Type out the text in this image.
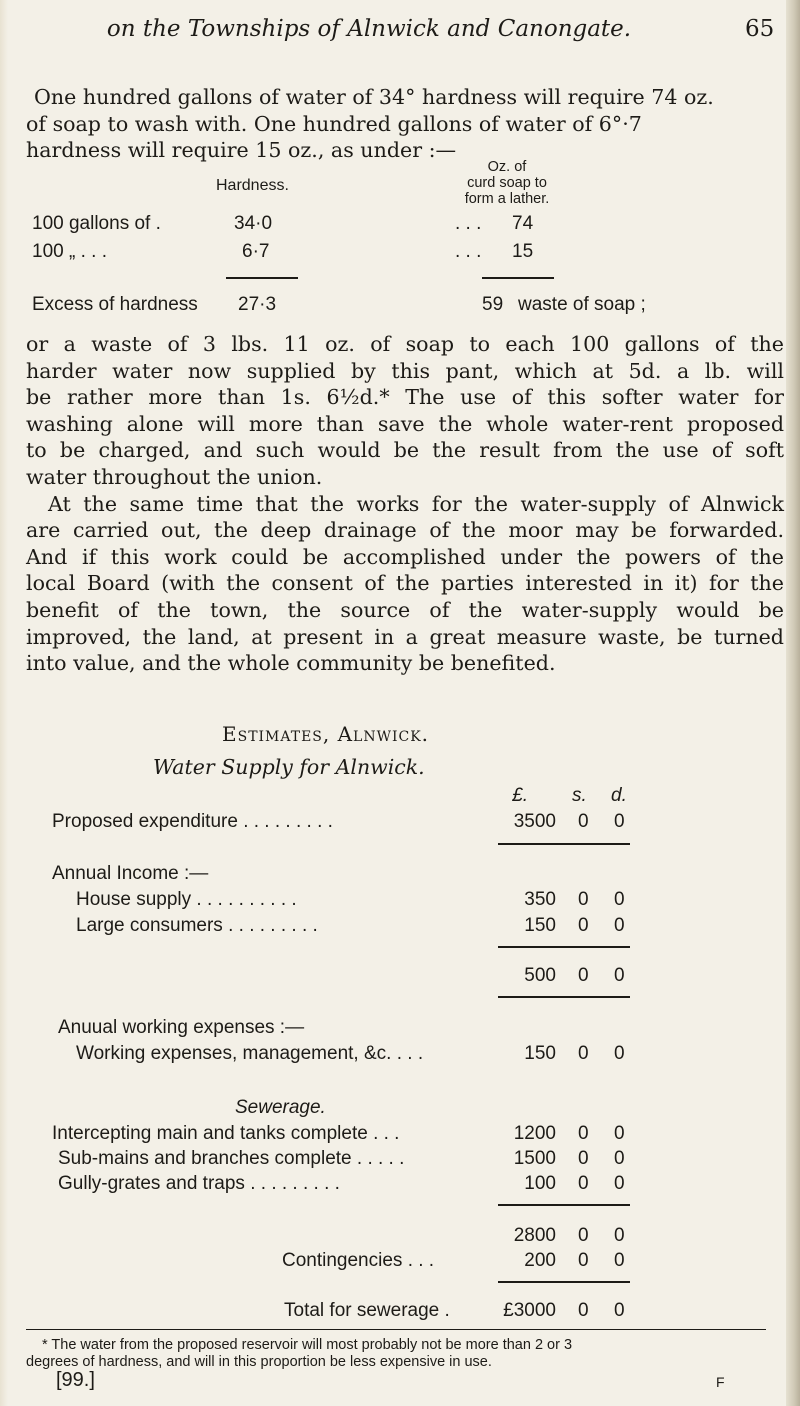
on the Townships of Alnwick and Canongate.	65
One hundred gallons of water of 34° hardness will require 74 oz.
of soap to wash with. One hundred gallons of water of 6°·7
hardness will require 15 oz., as under :—
Oz. of
curd soap to
form a lather.
Hardness.
100 gallons of .	34·0	. . . 74
100 „ . . .	6·7	. . . 15
Excess of hardness 27·3	59 waste of soap ;
or a waste of 3 lbs. 11 oz. of soap to each 100 gallons of the
harder water now supplied by this pant, which at 5d. a lb. will
be rather more than 1s. 6½d.* The use of this softer water for
washing alone will more than save the whole water-rent proposed
to be charged, and such would be the result from the use of soft
water throughout the union.
At the same time that the works for the water-supply of Alnwick
are carried out, the deep drainage of the moor may be forwarded.
And if this work could be accomplished under the powers of the
local Board (with the consent of the parties interested in it) for the
benefit of the town, the source of the water-supply would be
improved, the land, at present in a great measure waste, be turned
into value, and the whole community be benefited.
Estimates, Alnwick.
Water Supply for Alnwick.
£. s. d.
Proposed expenditure . . . . . . . . .	3500 0 0
Annual Income :—
House supply . . . . . . . . . .	350 0 0
Large consumers . . . . . . . . .	150 0 0
500 0 0
Anuual working expenses :—
Working expenses, management, &c. . . .	150 0 0
Sewerage.
Intercepting main and tanks complete . . .	1200 0 0
Sub-mains and branches complete . . . . .	1500 0 0
Gully-grates and traps . . . . . . . . .	100 0 0
2800 0 0
Contingencies . . .	200 0 0
Total for sewerage .	£3000 0 0
* The water from the proposed reservoir will most probably not be more than 2 or 3
degrees of hardness, and will in this proportion be less expensive in use.
[99.]	F
